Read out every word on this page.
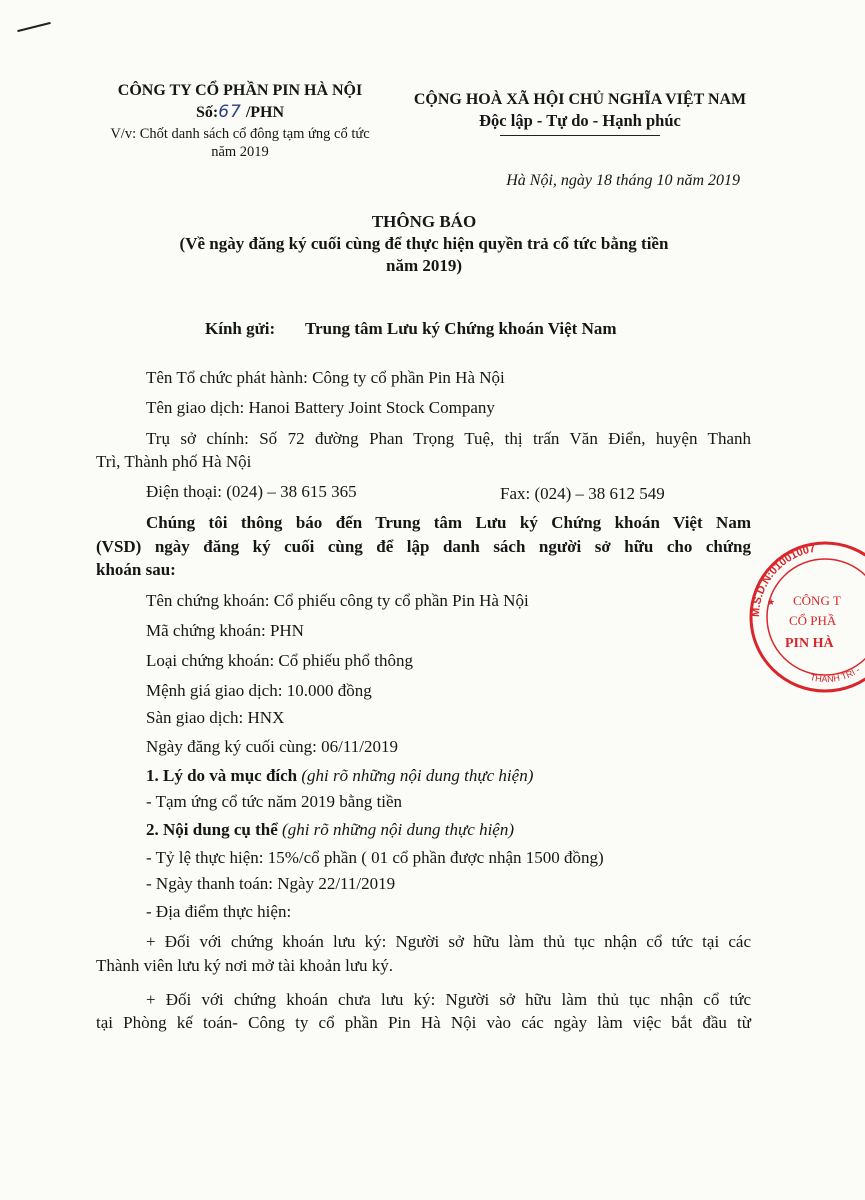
CÔNG TY CỔ PHẦN PIN HÀ NỘI
Số:67 /PHN
V/v: Chốt danh sách cổ đông tạm ứng cổ tức
năm 2019
CỘNG HOÀ XÃ HỘI CHỦ NGHĨA VIỆT NAM
Độc lập - Tự do - Hạnh phúc
Hà Nội, ngày 18 tháng 10 năm 2019
THÔNG BÁO
(Về ngày đăng ký cuối cùng để thực hiện quyền trả cổ tức bằng tiền
năm 2019)
Kính gửi: Trung tâm Lưu ký Chứng khoán Việt Nam
Tên Tổ chức phát hành: Công ty cổ phần Pin Hà Nội
Tên giao dịch: Hanoi Battery Joint Stock Company
Trụ sở chính: Số 72 đường Phan Trọng Tuệ, thị trấn Văn Điển, huyện Thanh
Trì, Thành phố Hà Nội
Điện thoại: (024) – 38 615 365	Fax: (024) – 38 612 549
Chúng tôi thông báo đến Trung tâm Lưu ký Chứng khoán Việt Nam
(VSD) ngày đăng ký cuối cùng để lập danh sách người sở hữu cho chứng
khoán sau:
Tên chứng khoán: Cổ phiếu công ty cổ phần Pin Hà Nội
Mã chứng khoán: PHN
Loại chứng khoán: Cổ phiếu phổ thông
Mệnh giá giao dịch: 10.000 đồng
Sàn giao dịch: HNX
Ngày đăng ký cuối cùng: 06/11/2019
1. Lý do và mục đích (ghi rõ những nội dung thực hiện)
- Tạm ứng cổ tức năm 2019 bằng tiền
2. Nội dung cụ thể (ghi rõ những nội dung thực hiện)
- Tỷ lệ thực hiện: 15%/cổ phần ( 01 cổ phần được nhận 1500 đồng)
- Ngày thanh toán: Ngày 22/11/2019
- Địa điểm thực hiện:
+ Đối với chứng khoán lưu ký: Người sở hữu làm thủ tục nhận cổ tức tại các
Thành viên lưu ký nơi mở tài khoản lưu ký.
+ Đối với chứng khoán chưa lưu ký: Người sở hữu làm thủ tục nhận cổ tức
tại Phòng kế toán- Công ty cổ phần Pin Hà Nội vào các ngày làm việc bắt đầu từ
M.S.D.N:01001007
THANH TRÌ -
CÔNG T
CỔ PHẦ
PIN HÀ
★
